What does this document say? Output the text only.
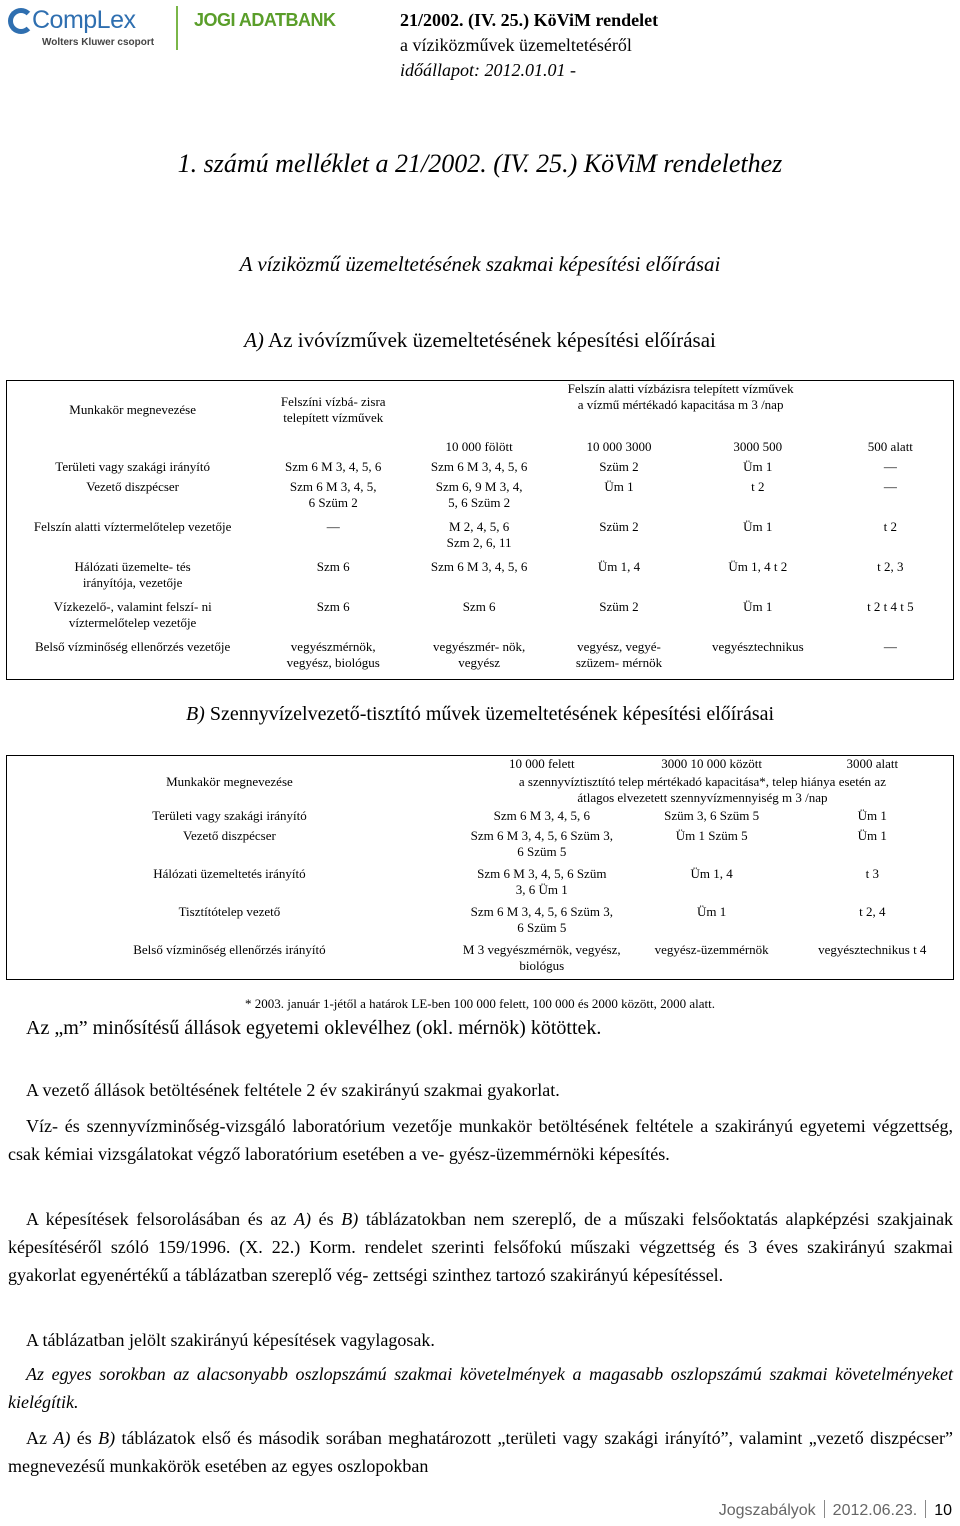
CompLex
Wolters Kluwer csoport
JOGI ADATBANK	21/2002. (IV. 25.) KöViM rendelet
a víziközművek üzemeltetéséről
időállapot: 2012.01.01 -
1. számú melléklet a 21/2002. (IV. 25.) KöViM rendelethez
A víziközmű üzemeltetésének szakmai képesítési előírásai
A) Az ivóvízművek üzemeltetésének képesítési előírásai
Munkakör megnevezése	Felszíni vízbá- zisra telepített vízművek	Felszín alatti vízbázisra telepített vízművek
a vízmű mértékadó kapacitása m 3 /nap			

		10 000 fölött	10 000 3000	3000 500	500 alatt
Területi vagy szakági irányító	Szm 6 M 3, 4, 5, 6	Szm 6 M 3, 4, 5, 6	Szüm 2	Üm 1	—
Vezető diszpécser	Szm 6 M 3, 4, 5, 6 Szüm 2	Szm 6, 9 M 3, 4, 5, 6 Szüm 2	Üm 1	t 2	—
Felszín alatti víztermelőtelep vezetője	—	M 2, 4, 5, 6 Szm 2, 6, 11	Szüm 2	Üm 1	t 2
Hálózati üzemelte- tés irányítója, vezetője	Szm 6	Szm 6 M 3, 4, 5, 6	Üm 1, 4	Üm 1, 4 t 2	t 2, 3
Vízkezelő-, valamint felszí- ni víztermelőtelep vezetője	Szm 6	Szm 6	Szüm 2	Üm 1	t 2 t 4 t 5
Belső vízminőség ellenőrzés vezetője	vegyészmérnök, vegyész, biológus	vegyészmér- nök, vegyész	vegyész, vegyé- szüzem- mérnök	vegyésztechnikus	—
B) Szennyvízelvezető-tisztító művek üzemeltetésének képesítési előírásai
Munkakör megnevezése	10 000 felett	3000 10 000 között	3000 alatt
	a szennyvíztisztító telep mértékadó kapacitása*, telep hiánya esetén az átlagos elvezetett szennyvízmennyiség m 3 /nap		
Területi vagy szakági irányító	Szm 6 M 3, 4, 5, 6	Szüm 3, 6 Szüm 5	Üm 1
Vezető diszpécser	Szm 6 M 3, 4, 5, 6 Szüm 3, 6 Szüm 5	Üm 1 Szüm 5	Üm 1
Hálózati üzemeltetés irányító	Szm 6 M 3, 4, 5, 6 Szüm 3, 6 Üm 1	Üm 1, 4	t 3
Tisztítótelep vezető	Szm 6 M 3, 4, 5, 6 Szüm 3, 6 Szüm 5	Üm 1	t 2, 4
Belső vízminőség ellenőrzés irányító	M 3 vegyészmérnök, vegyész, biológus	vegyész-üzemmérnök	vegyésztechnikus t 4
* 2003. január 1-jétől a határok LE-ben 100 000 felett, 100 000 és 2000 között, 2000 alatt.

Az „m” minősítésű állások egyetemi oklevélhez (okl. mérnök) kötöttek.

A vezető állások betöltésének feltétele 2 év szakirányú szakmai gyakorlat.

Víz- és szennyvízminőség-vizsgáló laboratórium vezetője munkakör betöltésének feltétele a szakirányú egyetemi végzettség, csak kémiai vizsgálatokat végző laboratórium esetében a ve- gyész-üzemmérnöki képesítés.

A képesítések felsorolásában és az A) és B) táblázatokban nem szereplő, de a műszaki felsőoktatás alapképzési szakjainak képesítéséről szóló 159/1996. (X. 22.) Korm. rendelet szerinti felsőfokú műszaki végzettség és 3 éves szakirányú szakmai gyakorlat egyenértékű a táblázatban szereplő vég- zettségi szinthez tartozó szakirányú képesítéssel.

A táblázatban jelölt szakirányú képesítések vagylagosak.

Az egyes sorokban az alacsonyabb oszlopszámú szakmai követelmények a magasabb oszlopszámú szakmai követelményeket kielégítik.

Az A) és B) táblázatok első és második sorában meghatározott „területi vagy szakági irányító”, valamint „vezető diszpécser” megnevezésű munkakörök esetében az egyes oszlopokban

Jogszabályok 2012.06.23. 10
